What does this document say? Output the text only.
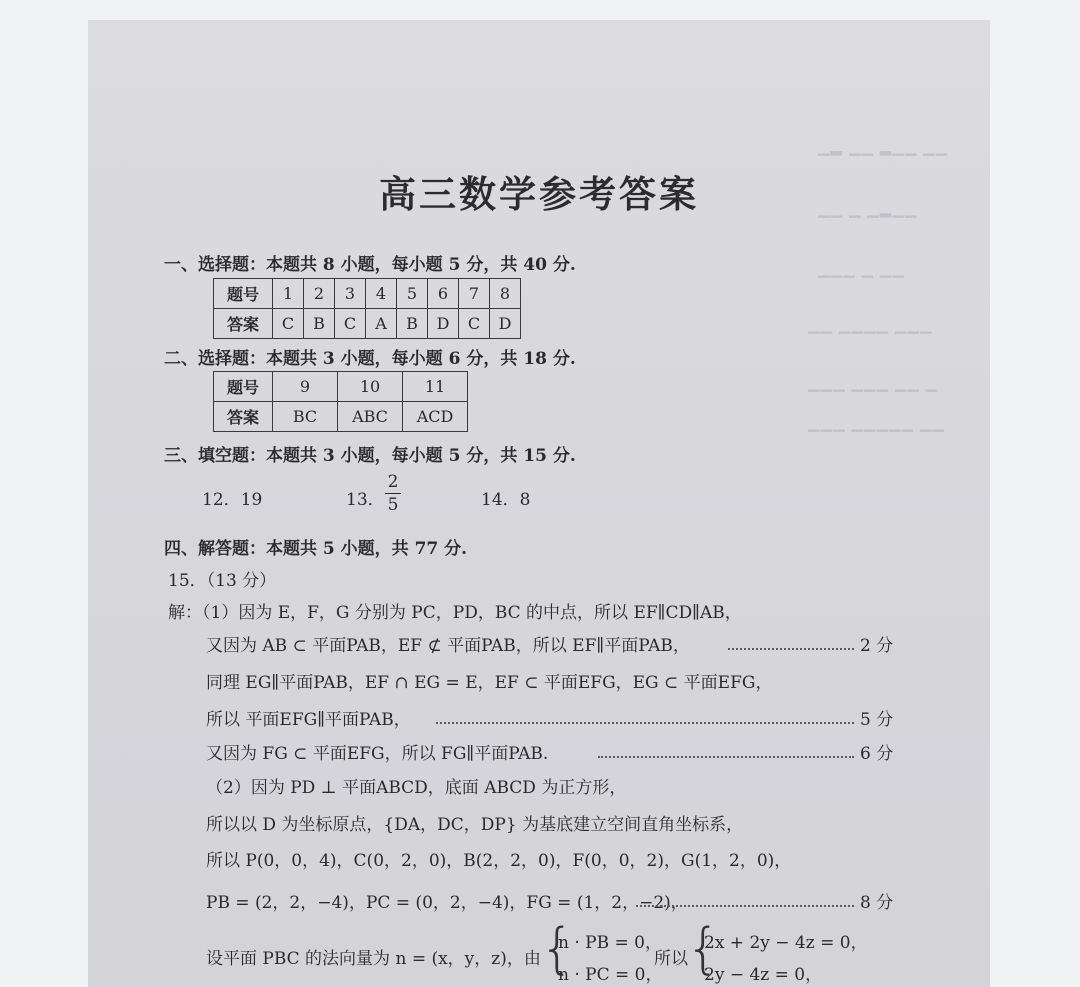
▁▂ ▁▁ ▂▁▁ ▁▁
▁▁ ▁ ▁▂▁▁
▁▁▁ ▁ ▁▁
▁▁ ▁▁▁▁ ▁▁▁
▁▁▁ ▁▁▁ ▁▁ ▁
▁▁▁ ▁▁▁▁▁ ▁▁
高三数学参考答案
一、选择题：本题共 8 小题，每小题 5 分，共 40 分.
题号	1	2	3	4	5	6	7	8
答案	C	B	C	A	B	D	C	D
二、选择题：本题共 3 小题，每小题 6 分，共 18 分.
题号	9	10	11
答案	BC	ABC	ACD
三、填空题：本题共 3 小题，每小题 5 分，共 15 分.
12．19	13．
2
5	14．8
四、解答题：本题共 5 小题，共 77 分.
15．（13 分）
解：（1）因为 E，F，G 分别为 PC，PD，BC 的中点，所以 EF∥CD∥AB，
又因为 AB ⊂ 平面PAB，EF ⊄ 平面PAB，所以 EF∥平面PAB，	2 分
同理 EG∥平面PAB，EF ∩ EG = E，EF ⊂ 平面EFG，EG ⊂ 平面EFG，
所以 平面EFG∥平面PAB，	5 分
又因为 FG ⊂ 平面EFG，所以 FG∥平面PAB.	6 分
（2）因为 PD ⊥ 平面ABCD，底面 ABCD 为正方形，
所以以 D 为坐标原点，{DA，DC，DP} 为基底建立空间直角坐标系，
所以 P(0，0，4)，C(0，2，0)，B(2，2，0)，F(0，0，2)，G(1，2，0)，
PB = (2，2，−4)，PC = (0，2，−4)，FG = (1，2，−2)，	8 分
设平面 PBC 的法向量为 n = (x，y，z)，由 {
n · PB = 0，
n · PC = 0，
所以
{
2x + 2y − 4z = 0，
2y − 4z = 0，
